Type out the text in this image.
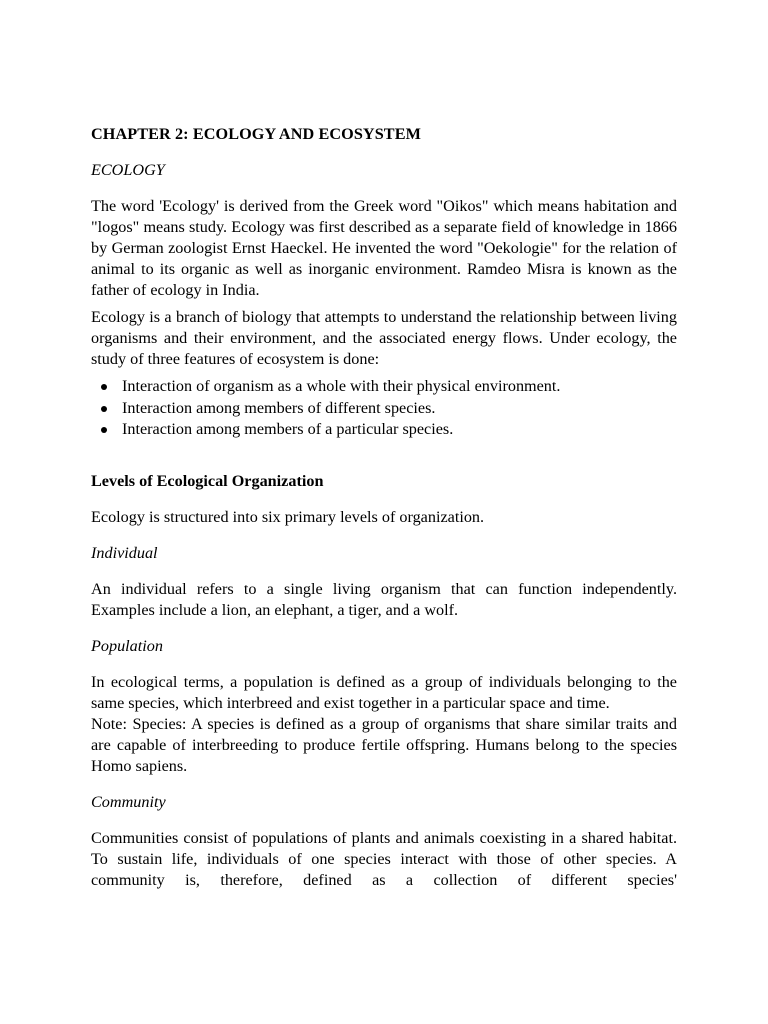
CHAPTER 2: ECOLOGY AND ECOSYSTEM
ECOLOGY

The word 'Ecology' is derived from the Greek word "Oikos" which means habitation and "logos" means study. Ecology was first described as a separate field of knowledge in 1866 by German zoologist Ernst Haeckel. He invented the word "Oekologie" for the relation of animal to its organic as well as inorganic environment. Ramdeo Misra is known as the father of ecology in India.

Ecology is a branch of biology that attempts to understand the relationship between living organisms and their environment, and the associated energy flows. Under ecology, the study of three features of ecosystem is done:

Interaction of organism as a whole with their physical environment.
Interaction among members of different species.
Interaction among members of a particular species.
Levels of Ecological Organization

Ecology is structured into six primary levels of organization.

Individual

An individual refers to a single living organism that can function independently. Examples include a lion, an elephant, a tiger, and a wolf.

Population

In ecological terms, a population is defined as a group of individuals belonging to the same species, which interbreed and exist together in a particular space and time.

Note: Species: A species is defined as a group of organisms that share similar traits and are capable of interbreeding to produce fertile offspring. Humans belong to the species Homo sapiens.

Community

Communities consist of populations of plants and animals coexisting in a shared habitat. To sustain life, individuals of one species interact with those of other species. A community is, therefore, defined as a collection of different species'
